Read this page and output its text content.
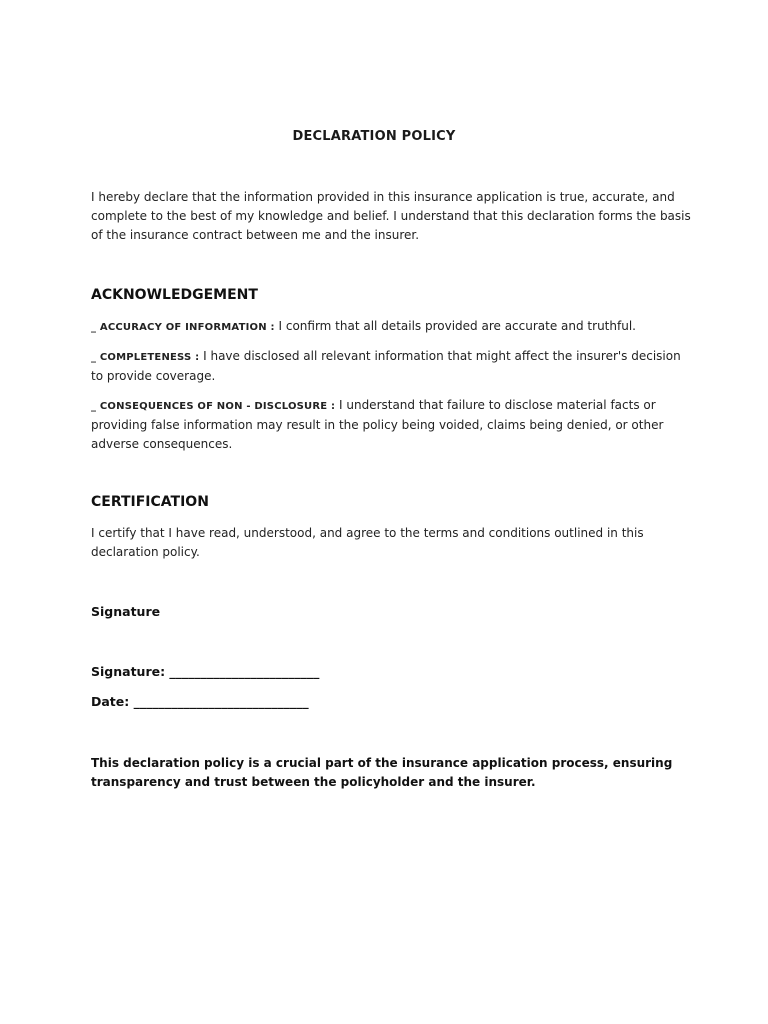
DECLARATION POLICY
I hereby declare that the information provided in this insurance application is true, accurate, and complete to the best of my knowledge and belief. I understand that this declaration forms the basis of the insurance contract between me and the insurer.
ACKNOWLEDGEMENT
_ ACCURACY OF INFORMATION : I confirm that all details provided are accurate and truthful.
_ COMPLETENESS : I have disclosed all relevant information that might affect the insurer's decision to provide coverage.
_ CONSEQUENCES OF NON - DISCLOSURE : I understand that failure to disclose material facts or providing false information may result in the policy being voided, claims being denied, or other adverse consequences.
CERTIFICATION
I certify that I have read, understood, and agree to the terms and conditions outlined in this declaration policy.
Signature
Signature: ________________________
Date: ____________________________
This declaration policy is a crucial part of the insurance application process, ensuring transparency and trust between the policyholder and the insurer.
